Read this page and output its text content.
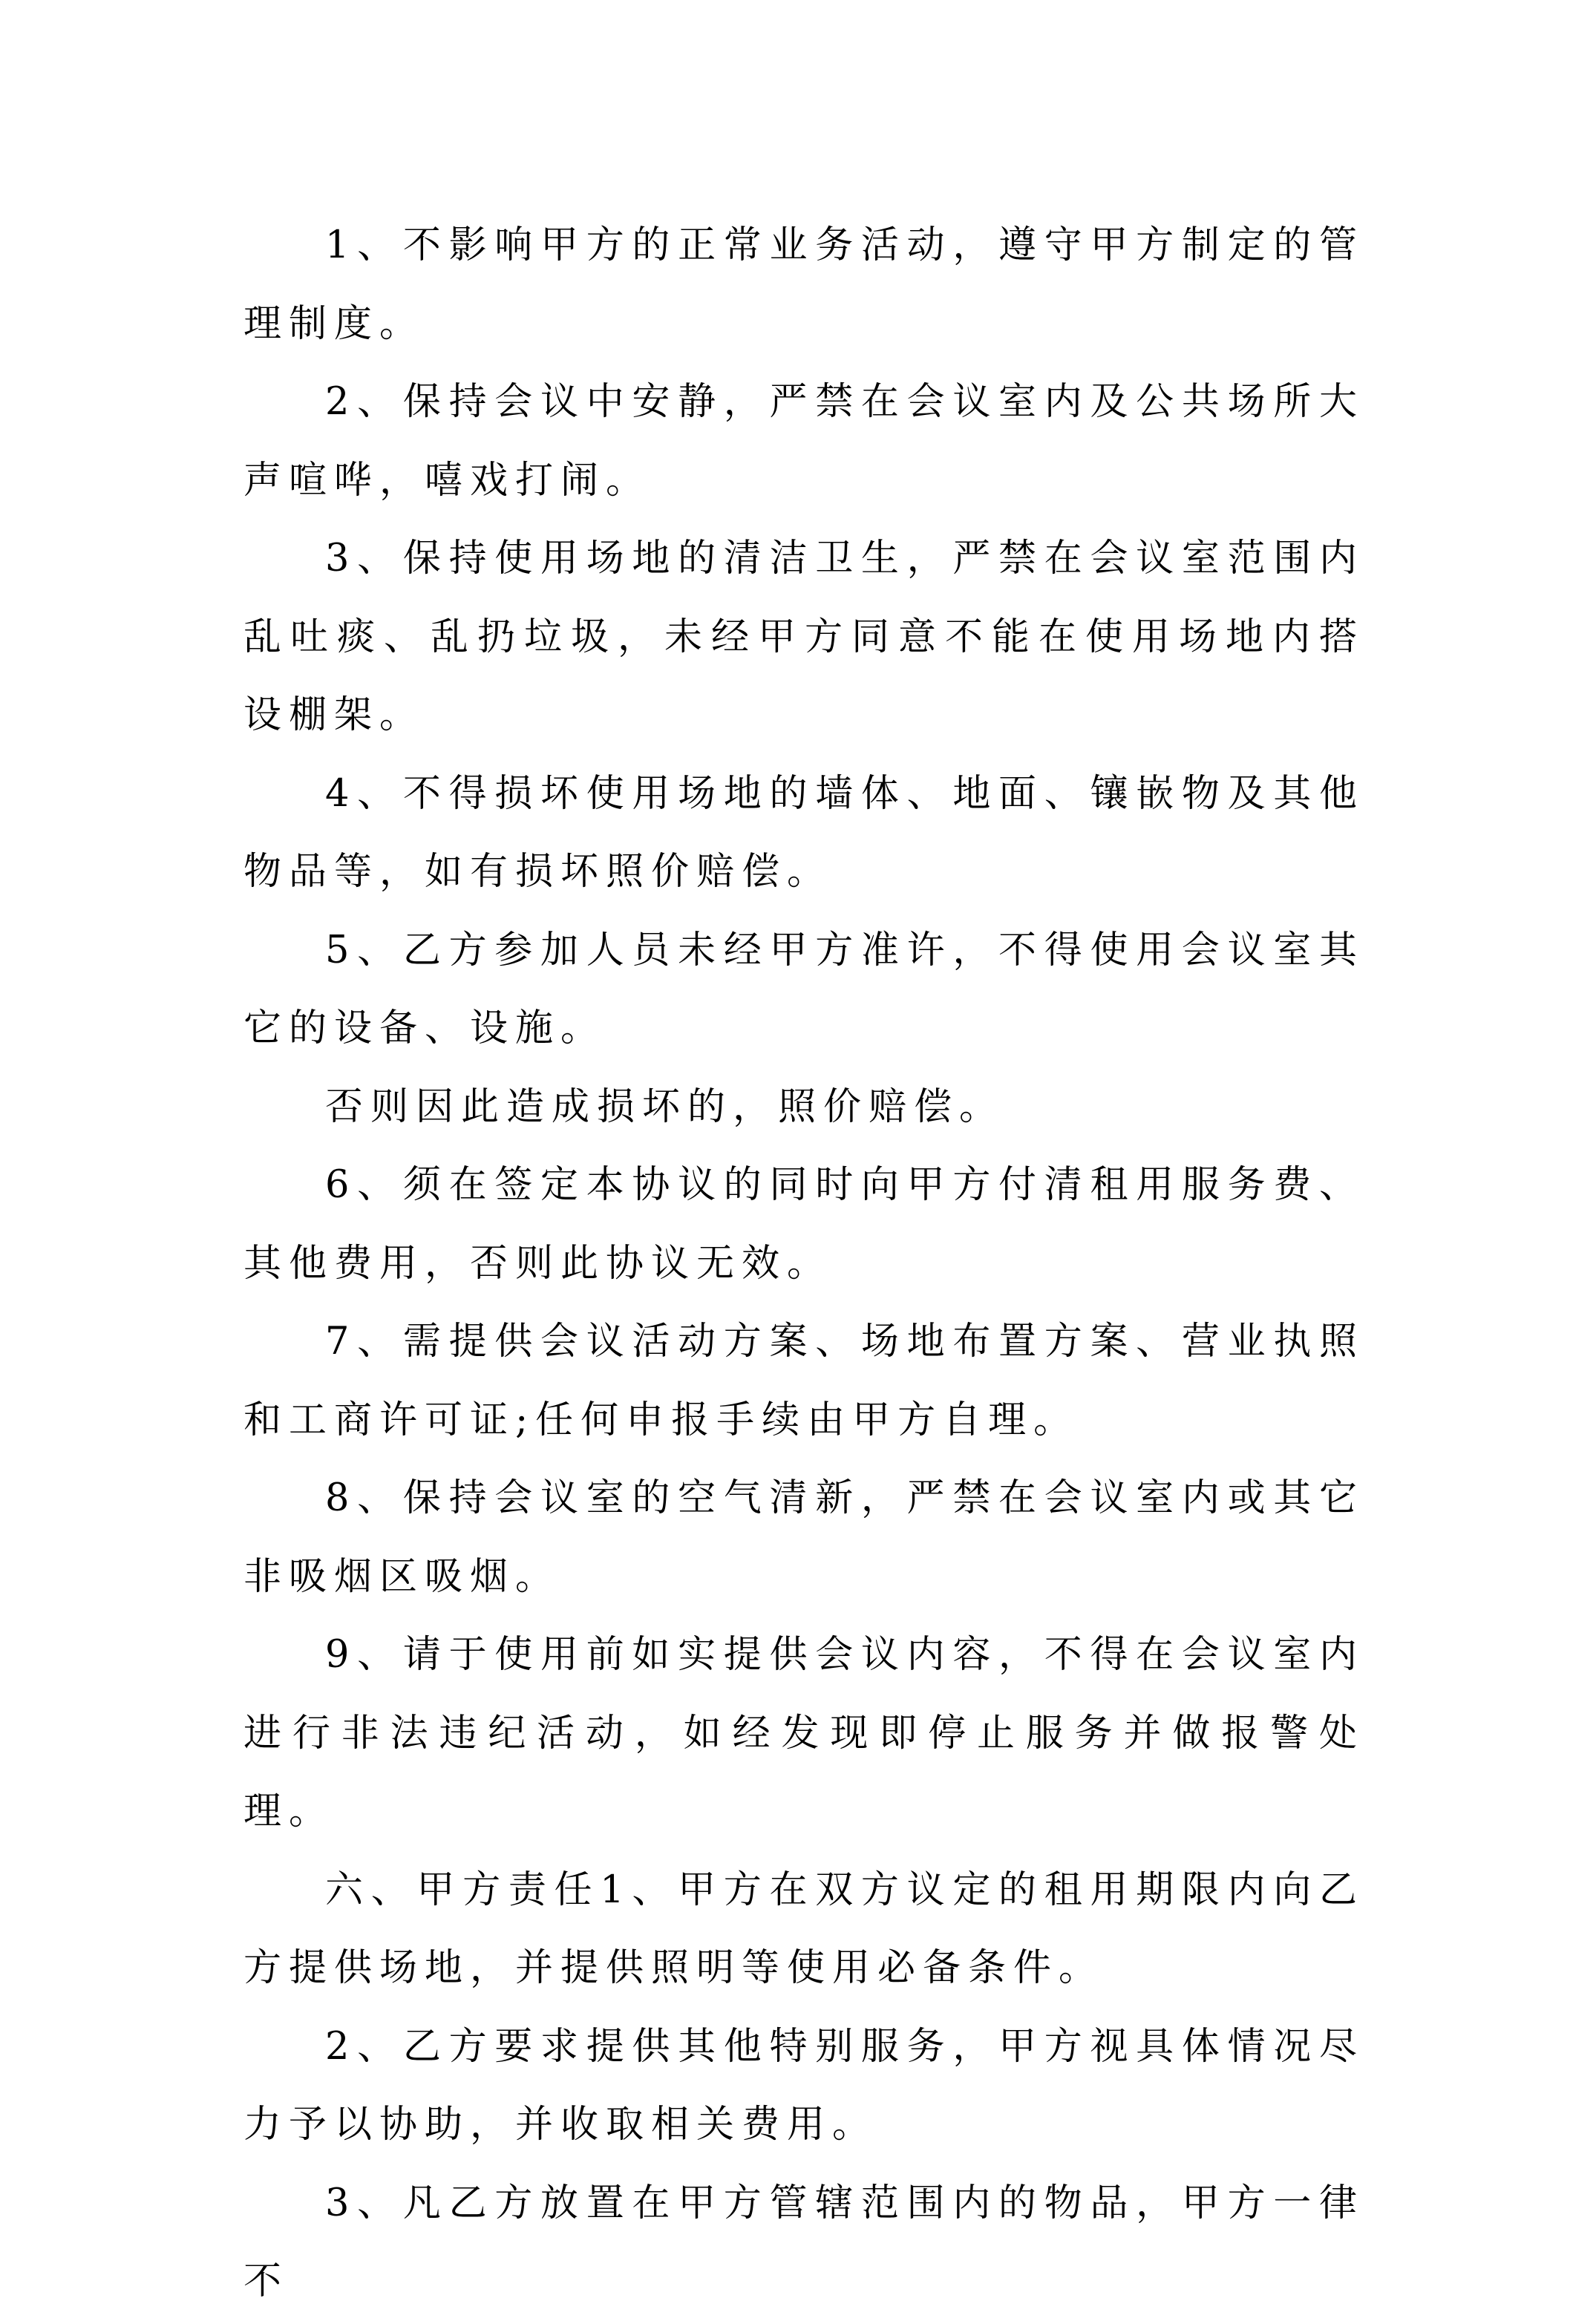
1、不影响甲方的正常业务活动，遵守甲方制定的管理制度。

2、保持会议中安静，严禁在会议室内及公共场所大声喧哗，嘻戏打闹。

3、保持使用场地的清洁卫生，严禁在会议室范围内乱吐痰、乱扔垃圾，未经甲方同意不能在使用场地内搭设棚架。

4、不得损坏使用场地的墙体、地面、镶嵌物及其他物品等，如有损坏照价赔偿。

5、乙方参加人员未经甲方准许，不得使用会议室其它的设备、设施。

否则因此造成损坏的，照价赔偿。

6、须在签定本协议的同时向甲方付清租用服务费、其他费用，否则此协议无效。

7、需提供会议活动方案、场地布置方案、营业执照和工商许可证;任何申报手续由甲方自理。

8、保持会议室的空气清新，严禁在会议室内或其它非吸烟区吸烟。

9、请于使用前如实提供会议内容，不得在会议室内进行非法违纪活动，如经发现即停止服务并做报警处理。

六、甲方责任1、甲方在双方议定的租用期限内向乙方提供场地，并提供照明等使用必备条件。

2、乙方要求提供其他特别服务，甲方视具体情况尽力予以协助，并收取相关费用。

3、凡乙方放置在甲方管辖范围内的物品，甲方一律不
